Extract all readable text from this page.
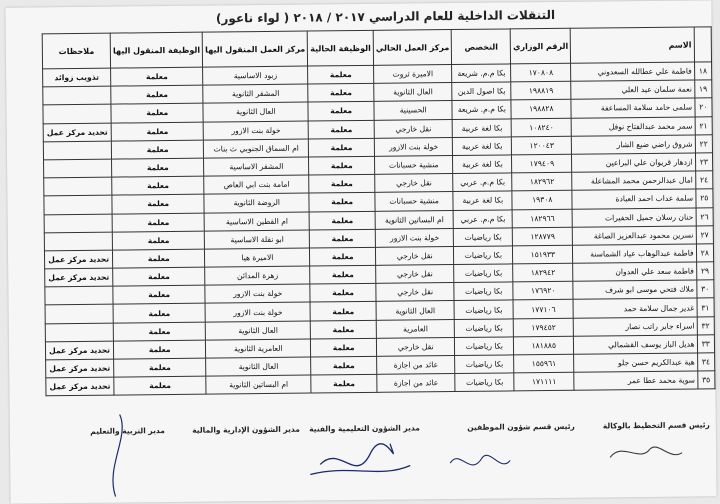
التنقلات الداخلية للعام الدراسي ٢٠١٧ / ٢٠١٨ ( لواء ناعور)
	الاسم	الرقم الوزاري	التخصص	مركز العمل الحالي	الوظيفة الحالية	مركز العمل المنقول اليها	الوظيفة المنقول اليها	ملاحظات
١٨	فاطمة علي عطالله السعدوني	١٧٠٨٠٨	بكا م.م. شريعة	الاميرة ثروت	معلمة	زبود الاساسية	معلمة	تذويب زوائد
١٩	نعمة سلمان عيد العلي	١٩٨٨١٩	بكا اصول الدين	العال الثانوية	معلمة	المشقر الثانوية	معلمة	
٢٠	سلمى حامد سلامة المساعفة	١٩٨٨٢٨	بكا م.م. شريعة	الحسينية	معلمة	العال الثانوية	معلمة	
٢١	سمر محمد عبدالفتاح نوفل	١٠٨٢٤٠	بكا لغة عربية	نقل خارجي	معلمة	خولة بنت الازور	معلمة	تحديد مركز عمل
٢٢	شروق راضي ضيع الشار	١٢٠٠٤٣	بكا لغة عربية	خولة بنت الازور	معلمة	ام السماق الجنوبي ث بنات	معلمة	
٢٣	ازدهار قريوان علي البراعين	١٧٩٤٠٩	بكا لغة عربية	منشية حسبانات	معلمة	المشقر الاساسية	معلمة	
٢٤	امال عبدالرحمن محمد المشاعلة	١٨٢٩٦٢	بكا م.م. عربي	نقل خارجي	معلمة	امامة بنت ابي العاص	معلمة	
٢٥	سلمة عداب احمد العبادة	١٩٣٠٨	بكا لغة عربية	منشية حسبانات	معلمة	الروضة الثانوية	معلمة	
٢٦	حنان رسلان جميل الحفيرات	١٨٢٩٦٦	بكا م.م. عربي	ام البساتين الثانوية	معلمة	ام القطين الاساسية	معلمة	
٢٧	نسرين محمود عبدالعزيز الصاغة	١٢٨٧٧٩	بكا رياضيات	خولة بنت الازور	معلمة	ابو نقلة الاساسية	معلمة	
٢٨	فاطمة عبدالوهاب عياد الشماسنة	١٥١٩٣٣	بكا رياضيات	نقل خارجي	معلمة	الاميرة هيا	معلمة	تحديد مركز عمل
٢٩	فاطمة سعد علي العدوان	١٨٢٩٤٢	بكا رياضيات	نقل خارجي	معلمة	زهرة المدائن	معلمة	تحديد مركز عمل
٣٠	ملاك فتحي موسى ابو شرف	١٧٦٩٢٠	بكا رياضيات	نقل خارجي	معلمة	خولة بنت الازور	معلمة	
٣١	غدير جمال سلامة حمد	١٧٧١٠٦	بكا رياضيات	العال الثانوية	معلمة	خولة بنت الازور	معلمة	
٣٢	اسراء جابر راتب نصار	١٧٩٤٥٢	بكا رياضيات	العامرية	معلمة	العال الثانوية	معلمة	
٣٣	هديل الباز يوسف القشمالي	١٨١٨٨٥	بكا رياضيات	نقل خارجي	معلمة	العامرية الثانوية	معلمة	تحديد مركز عمل
٣٤	هبة عبدالكريم حسن جلو	١٥٥٩٦١	بكا رياضيات	عائد من اجازة	معلمة	العال الثانوية	معلمة	تحديد مركز عمل
٣٥	سوية محمد عطا عمر	١٧١١١١	بكا رياضيات	عائد من اجازة	معلمة	ام البساتين الثانوية	معلمة	تحديد مركز عمل
رئيس قسم التخطيط بالوكالة
رئيس قسم شؤون الموظفين
مدير الشؤون التعليمية والفنية
مدير الشؤون الإدارية والمالية
مدير التربية والتعليم
